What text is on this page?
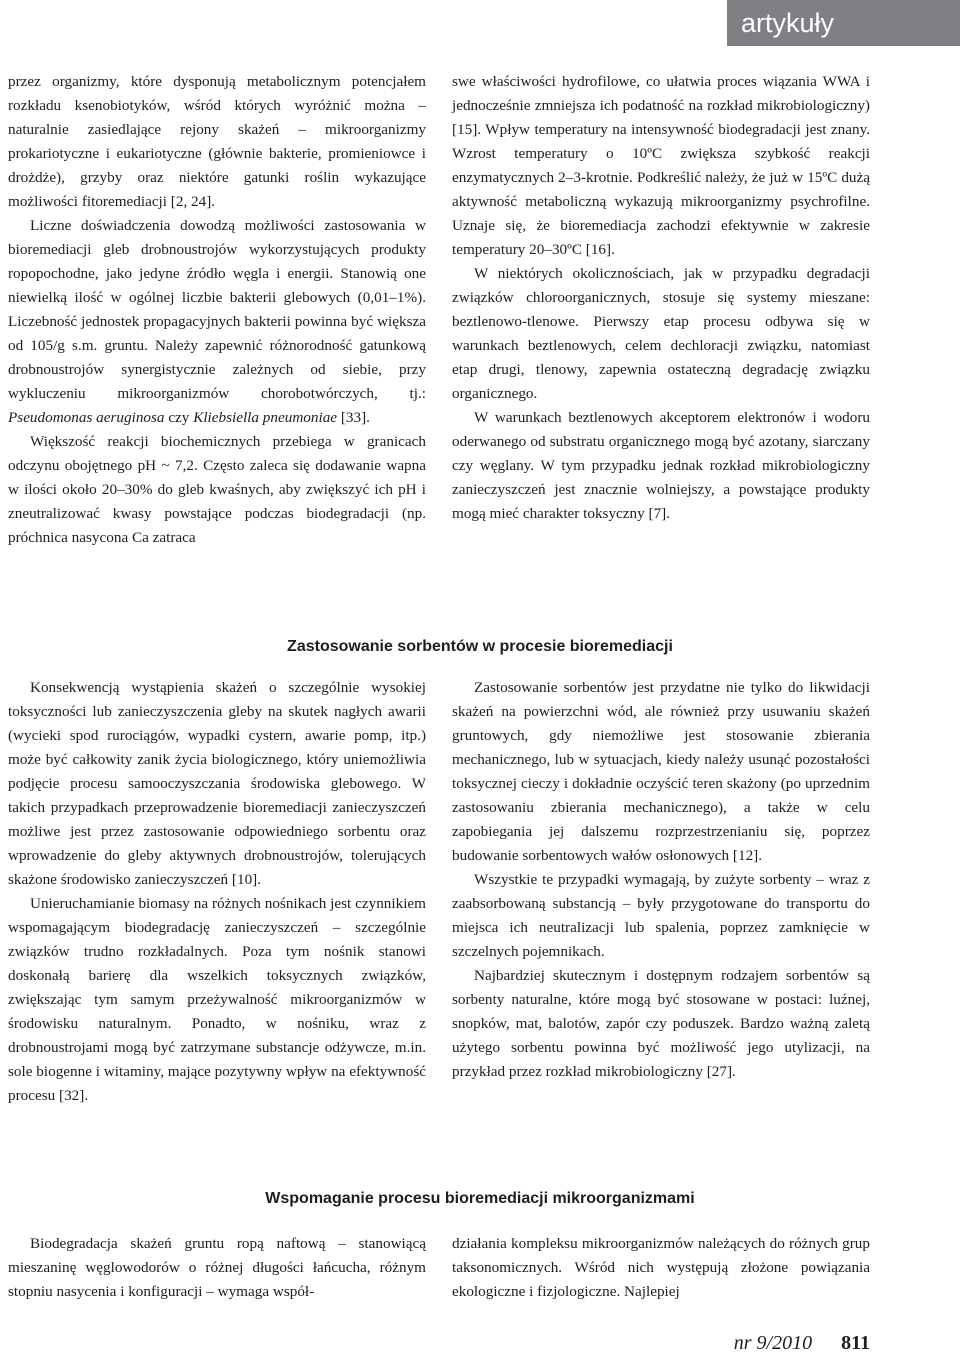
artykuły

przez organizmy, które dysponują metabolicznym potencjałem rozkładu ksenobiotyków, wśród których wyróżnić można – naturalnie zasiedlające rejony skażeń – mikroorganizmy prokariotyczne i eukariotyczne (głównie bakterie, promieniowce i drożdże), grzyby oraz niektóre gatunki roślin wykazujące możliwości fitoremediacji [2, 24].

Liczne doświadczenia dowodzą możliwości zastosowania w bioremediacji gleb drobnoustrojów wykorzystujących produkty ropopochodne, jako jedyne źródło węgla i energii. Stanowią one niewielką ilość w ogólnej liczbie bakterii glebowych (0,01–1%). Liczebność jednostek propagacyjnych bakterii powinna być większa od 105/g s.m. gruntu. Należy zapewnić różnorodność gatunkową drobnoustrojów synergistycznie zależnych od siebie, przy wykluczeniu mikroorganizmów chorobotwórczych, tj.: Pseudomonas aeruginosa czy Kliebsiella pneumoniae [33].

Większość reakcji biochemicznych przebiega w granicach odczynu obojętnego pH ~ 7,2. Często zaleca się dodawanie wapna w ilości około 20–30% do gleb kwaśnych, aby zwiększyć ich pH i zneutralizować kwasy powstające podczas biodegradacji (np. próchnica nasycona Ca zatraca

swe właściwości hydrofilowe, co ułatwia proces wiązania WWA i jednocześnie zmniejsza ich podatność na rozkład mikrobiologiczny) [15]. Wpływ temperatury na intensywność biodegradacji jest znany. Wzrost temperatury o 10ºC zwiększa szybkość reakcji enzymatycznych 2–3-krotnie. Podkreślić należy, że już w 15ºC dużą aktywność metaboliczną wykazują mikroorganizmy psychrofilne. Uznaje się, że bioremediacja zachodzi efektywnie w zakresie temperatury 20–30ºC [16].

W niektórych okolicznościach, jak w przypadku degradacji związków chloroorganicznych, stosuje się systemy mieszane: beztlenowo-tlenowe. Pierwszy etap procesu odbywa się w warunkach beztlenowych, celem dechloracji związku, natomiast etap drugi, tlenowy, zapewnia ostateczną degradację związku organicznego.

W warunkach beztlenowych akceptorem elektronów i wodoru oderwanego od substratu organicznego mogą być azotany, siarczany czy węglany. W tym przypadku jednak rozkład mikrobiologiczny zanieczyszczeń jest znacznie wolniejszy, a powstające produkty mogą mieć charakter toksyczny [7].

Zastosowanie sorbentów w procesie bioremediacji

Konsekwencją wystąpienia skażeń o szczególnie wysokiej toksyczności lub zanieczyszczenia gleby na skutek nagłych awarii (wycieki spod rurociągów, wypadki cystern, awarie pomp, itp.) może być całkowity zanik życia biologicznego, który uniemożliwia podjęcie procesu samooczyszczania środowiska glebowego. W takich przypadkach przeprowadzenie bioremediacji zanieczyszczeń możliwe jest przez zastosowanie odpowiedniego sorbentu oraz wprowadzenie do gleby aktywnych drobnoustrojów, tolerujących skażone środowisko zanieczyszczeń [10].

Unieruchamianie biomasy na różnych nośnikach jest czynnikiem wspomagającym biodegradację zanieczyszczeń – szczególnie związków trudno rozkładalnych. Poza tym nośnik stanowi doskonałą barierę dla wszelkich toksycznych związków, zwiększając tym samym przeżywalność mikroorganizmów w środowisku naturalnym. Ponadto, w nośniku, wraz z drobnoustrojami mogą być zatrzymane substancje odżywcze, m.in. sole biogenne i witaminy, mające pozytywny wpływ na efektywność procesu [32].

Zastosowanie sorbentów jest przydatne nie tylko do likwidacji skażeń na powierzchni wód, ale również przy usuwaniu skażeń gruntowych, gdy niemożliwe jest stosowanie zbierania mechanicznego, lub w sytuacjach, kiedy należy usunąć pozostałości toksycznej cieczy i dokładnie oczyścić teren skażony (po uprzednim zastosowaniu zbierania mechanicznego), a także w celu zapobiegania jej dalszemu rozprzestrzenianiu się, poprzez budowanie sorbentowych wałów osłonowych [12].

Wszystkie te przypadki wymagają, by zużyte sorbenty – wraz z zaabsorbowaną substancją – były przygotowane do transportu do miejsca ich neutralizacji lub spalenia, poprzez zamknięcie w szczelnych pojemnikach.

Najbardziej skutecznym i dostępnym rodzajem sorbentów są sorbenty naturalne, które mogą być stosowane w postaci: luźnej, snopków, mat, balotów, zapór czy poduszek. Bardzo ważną zaletą użytego sorbentu powinna być możliwość jego utylizacji, na przykład przez rozkład mikrobiologiczny [27].

Wspomaganie procesu bioremediacji mikroorganizmami

Biodegradacja skażeń gruntu ropą naftową – stanowiącą mieszaninę węglowodorów o różnej długości łańcucha, różnym stopniu nasycenia i konfiguracji – wymaga współ-

działania kompleksu mikroorganizmów należących do różnych grup taksonomicznych. Wśród nich występują złożone powiązania ekologiczne i fizjologiczne. Najlepiej

nr 9/2010 811
